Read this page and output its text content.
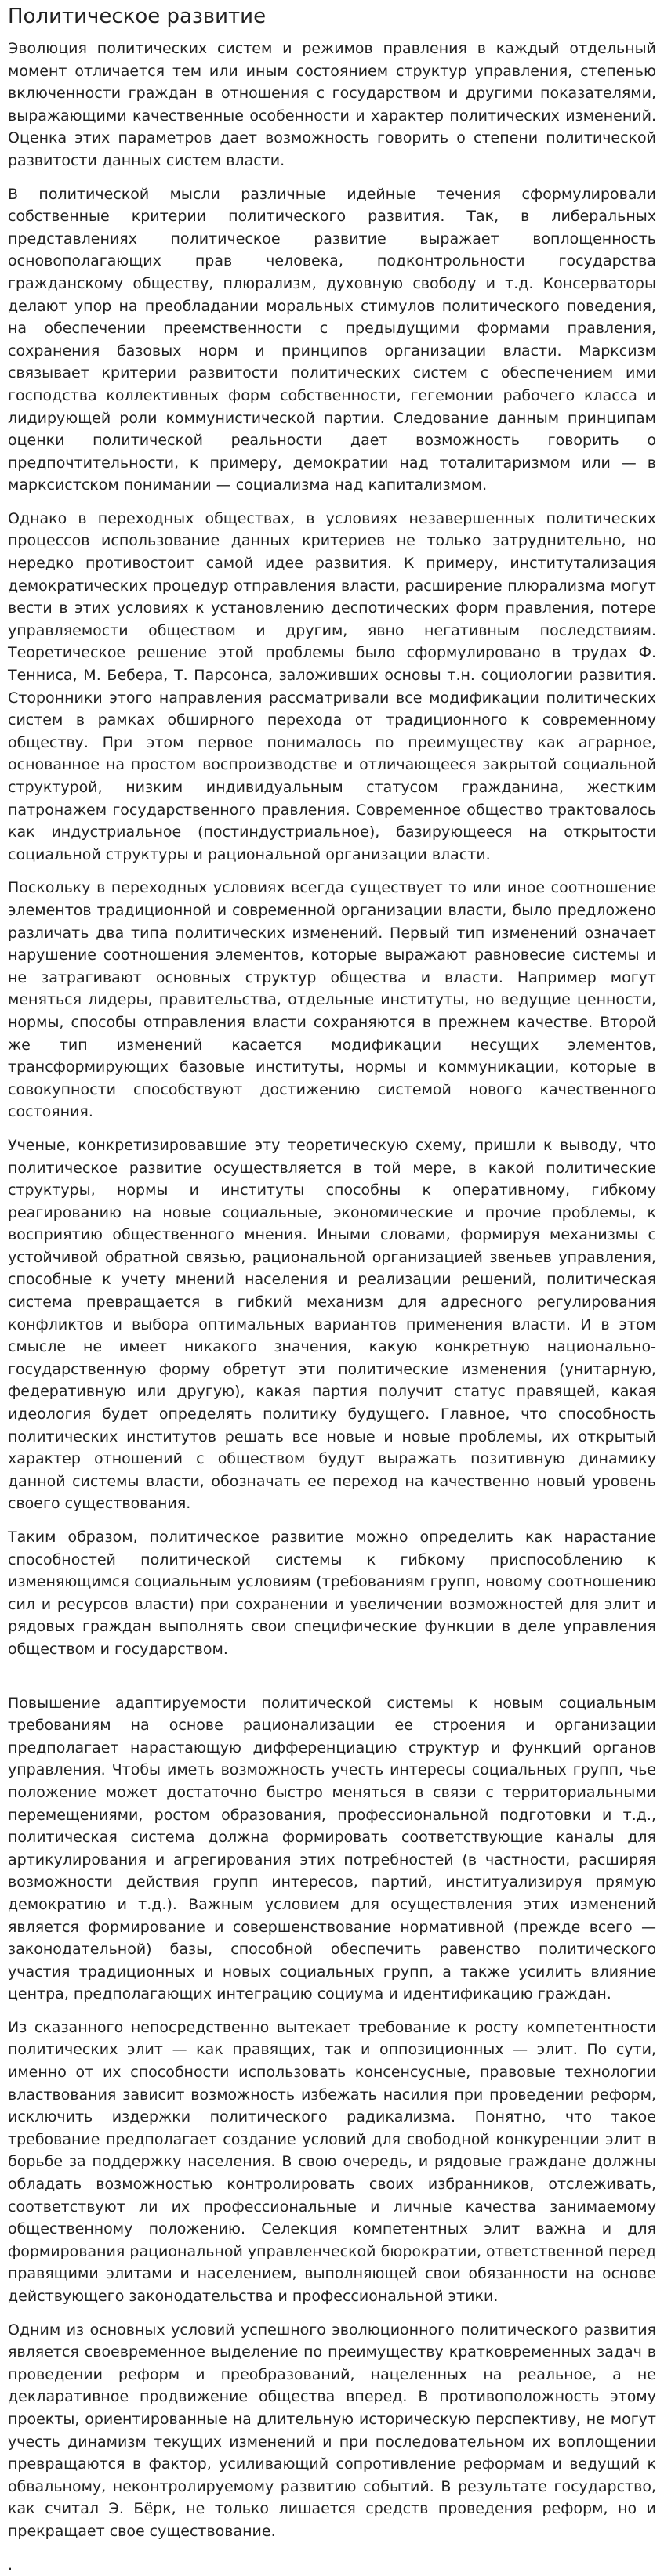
Политическое развитие

Эволюция политических систем и режимов правления в каждый отдельный момент отличается тем или иным состоянием структур управления, степенью включенности граждан в отношения с государством и другими показателями, выражающими качественные особенности и характер политических изменений. Оценка этих параметров дает возможность говорить о степени политической развитости данных систем власти.

В политической мысли различные идейные течения сформулировали собственные критерии политического развития. Так, в либеральных представлениях политическое развитие выражает воплощенность основополагающих прав человека, подконтрольности государства гражданскому обществу, плюрализм, духовную свободу и т.д. Консерваторы делают упор на преобладании моральных стимулов политического поведения, на обеспечении преемственности с предыдущими формами правления, сохранения базовых норм и принципов организации власти. Марксизм связывает критерии развитости политических систем с обеспечением ими господства коллективных форм собственности, гегемонии рабочего класса и лидирующей роли коммунистической партии. Следование данным принципам оценки политической реальности дает возможность говорить о предпочтительности, к примеру, демократии над тоталитаризмом или — в марксистском понимании — социализма над капитализмом.

Однако в переходных обществах, в условиях незавершенных политических процессов использование данных критериев не только затруднительно, но нередко противостоит самой идее развития. К примеру, институтализация демократических процедур отправления власти, расширение плюрализма могут вести в этих условиях к установлению деспотических форм правления, потере управляемости обществом и другим, явно негативным последствиям. Теоретическое решение этой проблемы было сформулировано в трудах Ф. Тенниса, М. Бебера, Т. Парсонса, заложивших основы т.н. социологии развития. Сторонники этого направления рассматривали все модификации политических систем в рамках обширного перехода от традиционного к современному обществу. При этом первое понималось по преимуществу как аграрное, основанное на простом воспроизводстве и отличающееся закрытой социальной структурой, низким индивидуальным статусом гражданина, жестким патронажем государственного правления. Современное общество трактовалось как индустриальное (постиндустриальное), базирующееся на открытости социальной структуры и рациональной организации власти.

Поскольку в переходных условиях всегда существует то или иное соотношение элементов традиционной и современной организации власти, было предложено различать два типа политических изменений. Первый тип изменений означает нарушение соотношения элементов, которые выражают равновесие системы и не затрагивают основных структур общества и власти. Например могут меняться лидеры, правительства, отдельные институты, но ведущие ценности, нормы, способы отправления власти сохраняются в прежнем качестве. Второй же тип изменений касается модификации несущих элементов, трансформирующих базовые институты, нормы и коммуникации, которые в совокупности способствуют достижению системой нового качественного состояния.

Ученые, конкретизировавшие эту теоретическую схему, пришли к выводу, что политическое развитие осуществляется в той мере, в какой политические структуры, нормы и институты способны к оперативному, гибкому реагированию на новые социальные, экономические и прочие проблемы, к восприятию общественного мнения. Иными словами, формируя механизмы с устойчивой обратной связью, рациональной организацией звеньев управления, способные к учету мнений населения и реализации решений, политическая система превращается в гибкий механизм для адресного регулирования конфликтов и выбора оптимальных вариантов применения власти. И в этом смысле не имеет никакого значения, какую конкретную национально-государственную форму обретут эти политические изменения (унитарную, федеративную или другую), какая партия получит статус правящей, какая идеология будет определять политику будущего. Главное, что способность политических институтов решать все новые и новые проблемы, их открытый характер отношений с обществом будут выражать позитивную динамику данной системы власти, обозначать ее переход на качественно новый уровень своего существования.

Таким образом, политическое развитие можно определить как нарастание способностей политической системы к гибкому приспособлению к изменяющимся социальным условиям (требованиям групп, новому соотношению сил и ресурсов власти) при сохранении и увеличении возможностей для элит и рядовых граждан выполнять свои специфические функции в деле управления обществом и государством.

Повышение адаптируемости политической системы к новым социальным требованиям на основе рационализации ее строения и организации предполагает нарастающую дифференциацию структур и функций органов управления. Чтобы иметь возможность учесть интересы социальных групп, чье положение может достаточно быстро меняться в связи с территориальными перемещениями, ростом образования, профессиональной подготовки и т.д., политическая система должна формировать соответствующие каналы для артикулирования и агрегирования этих потребностей (в частности, расширяя возможности действия групп интересов, партий, институализируя прямую демократию и т.д.). Важным условием для осуществления этих изменений является формирование и совершенствование нормативной (прежде всего — законодательной) базы, способной обеспечить равенство политического участия традиционных и новых социальных групп, а также усилить влияние центра, предполагающих интеграцию социума и идентификацию граждан.

Из сказанного непосредственно вытекает требование к росту компетентности политических элит — как правящих, так и оппозиционных — элит. По сути, именно от их способности использовать консенсусные, правовые технологии властвования зависит возможность избежать насилия при проведении реформ, исключить издержки политического радикализма. Понятно, что такое требование предполагает создание условий для свободной конкуренции элит в борьбе за поддержку населения. В свою очередь, и рядовые граждане должны обладать возможностью контролировать своих избранников, отслеживать, соответствуют ли их профессиональные и личные качества занимаемому общественному положению. Селекция компетентных элит важна и для формирования рациональной управленческой бюрократии, ответственной перед правящими элитами и населением, выполняющей свои обязанности на основе действующего законодательства и профессиональной этики.

Одним из основных условий успешного эволюционного политического развития является своевременное выделение по преимуществу кратковременных задач в проведении реформ и преобразований, нацеленных на реальное, а не декларативное продвижение общества вперед. В противоположность этому проекты, ориентированные на длительную историческую перспективу, не могут учесть динамизм текущих изменений и при последовательном их воплощении превращаются в фактор, усиливающий сопротивление реформам и ведущий к обвальному, неконтролируемому развитию событий. В результате государство, как считал Э. Бёрк, не только лишается средств проведения реформ, но и прекращает свое существование.

.
